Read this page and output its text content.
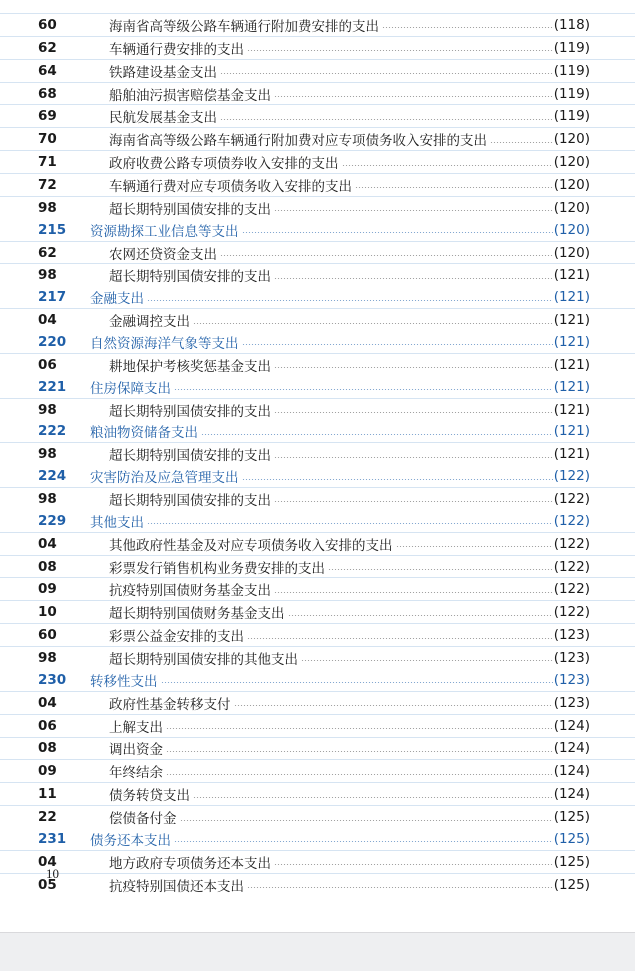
60	海南省高等级公路车辆通行附加费安排的支出	(118)
62	车辆通行费安排的支出	(119)
64	铁路建设基金支出	(119)
68	船舶油污损害赔偿基金支出	(119)
69	民航发展基金支出	(119)
70	海南省高等级公路车辆通行附加费对应专项债务收入安排的支出	(120)
71	政府收费公路专项债券收入安排的支出	(120)
72	车辆通行费对应专项债务收入安排的支出	(120)
98	超长期特别国债安排的支出	(120)
215	资源勘探工业信息等支出	(120)
62	农网还贷资金支出	(120)
98	超长期特别国债安排的支出	(121)
217	金融支出	(121)
04	金融调控支出	(121)
220	自然资源海洋气象等支出	(121)
06	耕地保护考核奖惩基金支出	(121)
221	住房保障支出	(121)
98	超长期特别国债安排的支出	(121)
222	粮油物资储备支出	(121)
98	超长期特别国债安排的支出	(121)
224	灾害防治及应急管理支出	(122)
98	超长期特别国债安排的支出	(122)
229	其他支出	(122)
04	其他政府性基金及对应专项债务收入安排的支出	(122)
08	彩票发行销售机构业务费安排的支出	(122)
09	抗疫特别国债财务基金支出	(122)
10	超长期特别国债财务基金支出	(122)
60	彩票公益金安排的支出	(123)
98	超长期特别国债安排的其他支出	(123)
230	转移性支出	(123)
04	政府性基金转移支付	(123)
06	上解支出	(124)
08	调出资金	(124)
09	年终结余	(124)
11	债务转贷支出	(124)
22	偿债备付金	(125)
231	债务还本支出	(125)
04	地方政府专项债务还本支出	(125)
05	抗疫特别国债还本支出	(125)
10
